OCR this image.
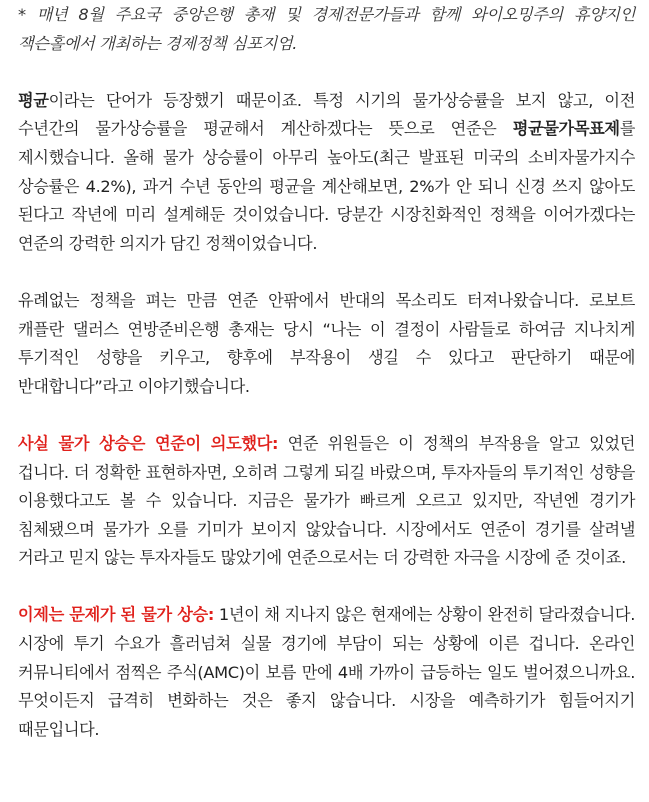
* 매년 8월 주요국 중앙은행 총재 및 경제전문가들과 함께 와이오밍주의 휴양지인 잭슨홀에서 개최하는 경제정책 심포지엄.

평균이라는 단어가 등장했기 때문이죠. 특정 시기의 물가상승률을 보지 않고, 이전 수년간의 물가상승률을 평균해서 계산하겠다는 뜻으로 연준은 평균물가목표제를 제시했습니다. 올해 물가 상승률이 아무리 높아도(최근 발표된 미국의 소비자물가지수 상승률은 4.2%), 과거 수년 동안의 평균을 계산해보면, 2%가 안 되니 신경 쓰지 않아도 된다고 작년에 미리 설계해둔 것이었습니다. 당분간 시장친화적인 정책을 이어가겠다는 연준의 강력한 의지가 담긴 정책이었습니다.

유례없는 정책을 펴는 만큼 연준 안팎에서 반대의 목소리도 터져나왔습니다. 로보트 캐플란 댈러스 연방준비은행 총재는 당시 “나는 이 결정이 사람들로 하여금 지나치게 투기적인 성향을 키우고, 향후에 부작용이 생길 수 있다고 판단하기 때문에 반대합니다”라고 이야기했습니다.

사실 물가 상승은 연준이 의도했다: 연준 위원들은 이 정책의 부작용을 알고 있었던 겁니다. 더 정확한 표현하자면, 오히려 그렇게 되길 바랐으며, 투자자들의 투기적인 성향을 이용했다고도 볼 수 있습니다. 지금은 물가가 빠르게 오르고 있지만, 작년엔 경기가 침체됐으며 물가가 오를 기미가 보이지 않았습니다. 시장에서도 연준이 경기를 살려낼 거라고 믿지 않는 투자자들도 많았기에 연준으로서는 더 강력한 자극을 시장에 준 것이죠.

이제는 문제가 된 물가 상승: 1년이 채 지나지 않은 현재에는 상황이 완전히 달라졌습니다. 시장에 투기 수요가 흘러넘쳐 실물 경기에 부담이 되는 상황에 이른 겁니다. 온라인 커뮤니티에서 점찍은 주식(AMC)이 보름 만에 4배 가까이 급등하는 일도 벌어졌으니까요. 무엇이든지 급격히 변화하는 것은 좋지 않습니다. 시장을 예측하기가 힘들어지기 때문입니다.
